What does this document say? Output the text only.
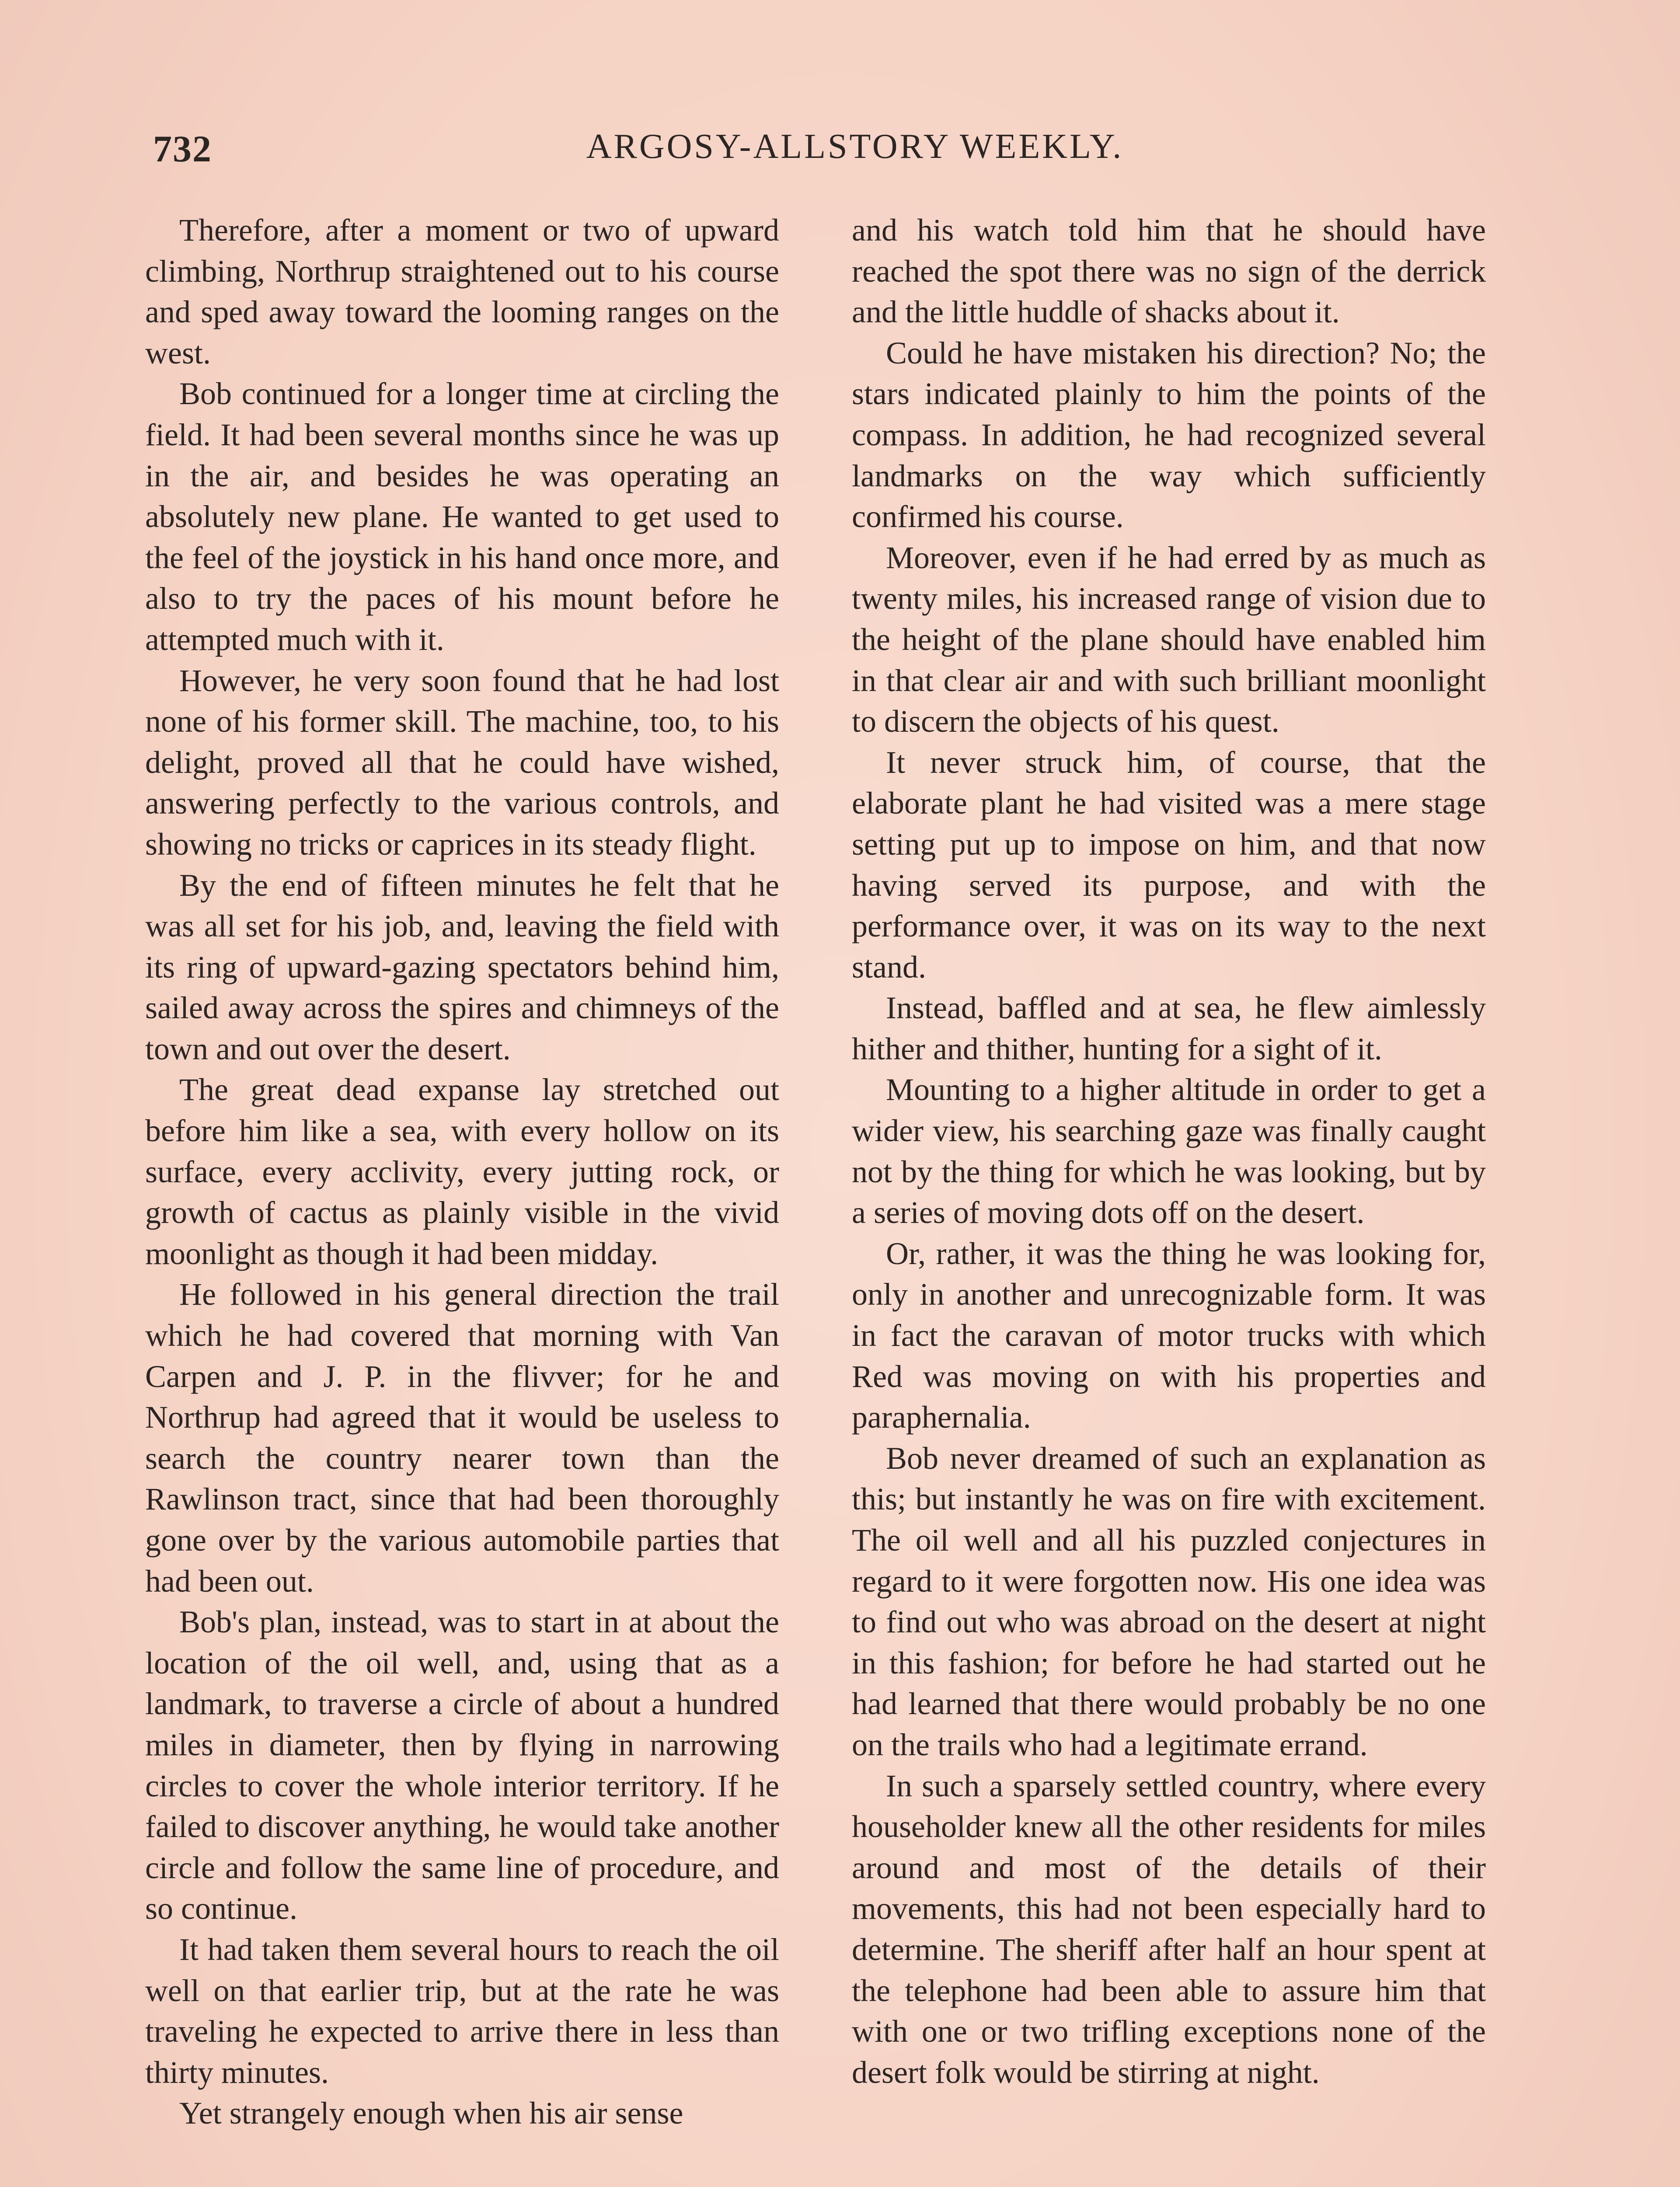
732	ARGOSY-ALLSTORY WEEKLY.

Therefore, after a moment or two of upward climbing, Northrup straightened out to his course and sped away toward the looming ranges on the west.

Bob continued for a longer time at circling the field. It had been several months since he was up in the air, and besides he was operating an absolutely new plane. He wanted to get used to the feel of the joystick in his hand once more, and also to try the paces of his mount before he attempted much with it.

However, he very soon found that he had lost none of his former skill. The machine, too, to his delight, proved all that he could have wished, answering perfectly to the various controls, and showing no tricks or caprices in its steady flight.

By the end of fifteen minutes he felt that he was all set for his job, and, leaving the field with its ring of upward-gazing spectators behind him, sailed away across the spires and chimneys of the town and out over the desert.

The great dead expanse lay stretched out before him like a sea, with every hollow on its surface, every acclivity, every jutting rock, or growth of cactus as plainly visible in the vivid moonlight as though it had been midday.

He followed in his general direction the trail which he had covered that morning with Van Carpen and J. P. in the flivver; for he and Northrup had agreed that it would be useless to search the country nearer town than the Rawlinson tract, since that had been thoroughly gone over by the various automobile parties that had been out.

Bob's plan, instead, was to start in at about the location of the oil well, and, using that as a landmark, to traverse a circle of about a hundred miles in diameter, then by flying in narrowing circles to cover the whole interior territory. If he failed to discover anything, he would take another circle and follow the same line of procedure, and so continue.

It had taken them several hours to reach the oil well on that earlier trip, but at the rate he was traveling he expected to arrive there in less than thirty minutes.

Yet strangely enough when his air sense

and his watch told him that he should have reached the spot there was no sign of the derrick and the little huddle of shacks about it.

Could he have mistaken his direction? No; the stars indicated plainly to him the points of the compass. In addition, he had recognized several landmarks on the way which sufficiently confirmed his course.

Moreover, even if he had erred by as much as twenty miles, his increased range of vision due to the height of the plane should have enabled him in that clear air and with such brilliant moonlight to discern the objects of his quest.

It never struck him, of course, that the elaborate plant he had visited was a mere stage setting put up to impose on him, and that now having served its purpose, and with the performance over, it was on its way to the next stand.

Instead, baffled and at sea, he flew aimlessly hither and thither, hunting for a sight of it.

Mounting to a higher altitude in order to get a wider view, his searching gaze was finally caught not by the thing for which he was looking, but by a series of moving dots off on the desert.

Or, rather, it was the thing he was looking for, only in another and unrecognizable form. It was in fact the caravan of motor trucks with which Red was moving on with his properties and paraphernalia.

Bob never dreamed of such an explanation as this; but instantly he was on fire with excitement. The oil well and all his puzzled conjectures in regard to it were forgotten now. His one idea was to find out who was abroad on the desert at night in this fashion; for before he had started out he had learned that there would probably be no one on the trails who had a legitimate errand.

In such a sparsely settled country, where every householder knew all the other residents for miles around and most of the details of their movements, this had not been especially hard to determine. The sheriff after half an hour spent at the telephone had been able to assure him that with one or two trifling exceptions none of the desert folk would be stirring at night.
